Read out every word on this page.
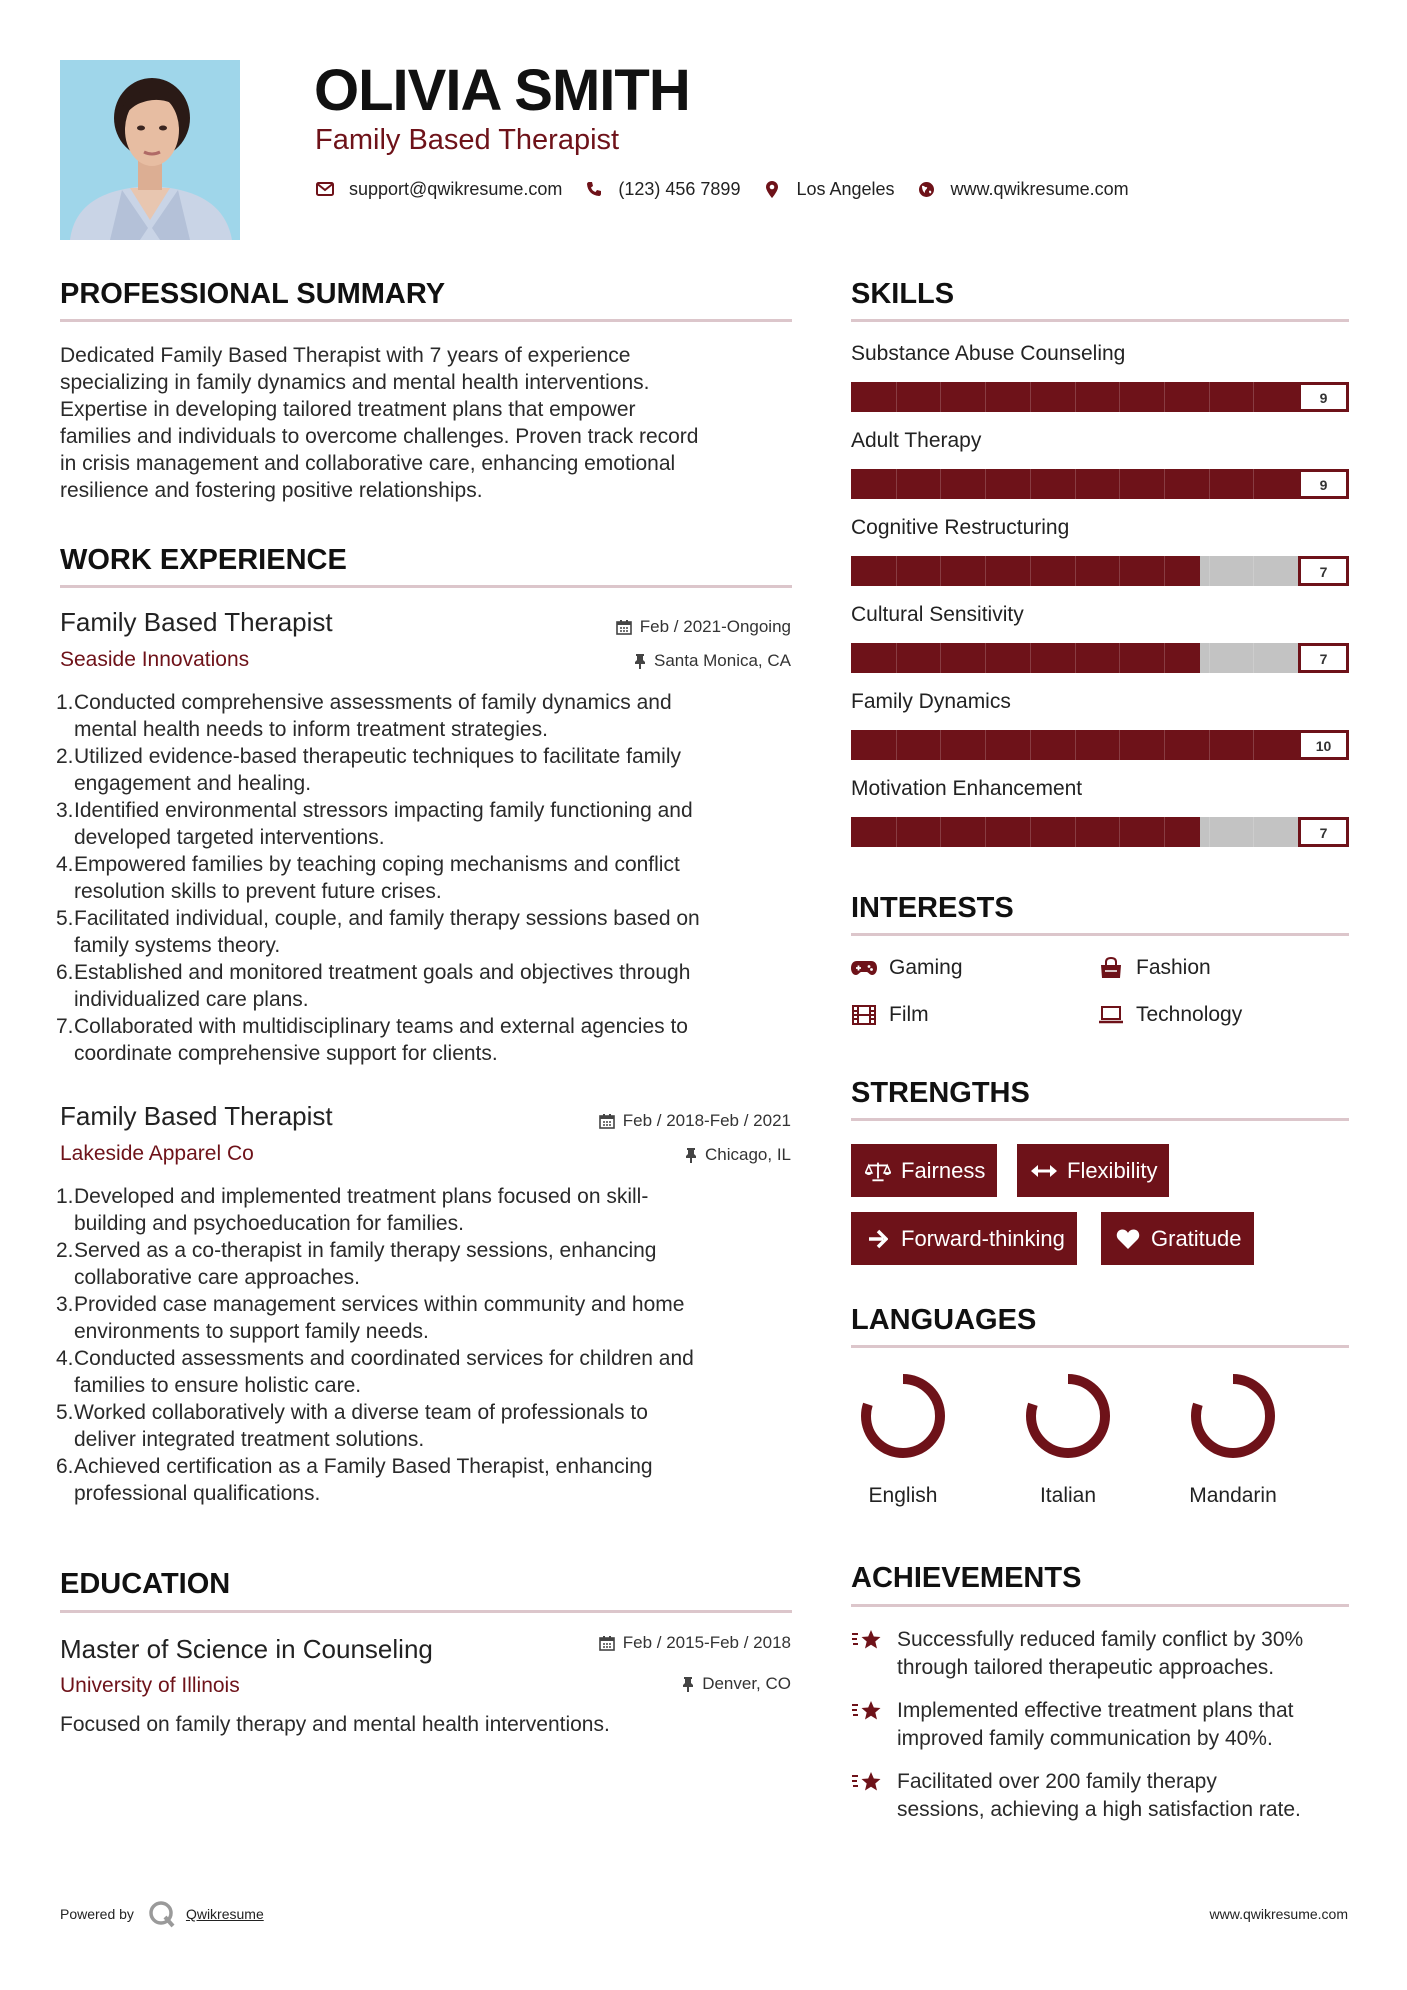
OLIVIA SMITH
Family Based Therapist
support@qwikresume.com	(123) 456 7899	Los Angeles	www.qwikresume.com
PROFESSIONAL SUMMARY
Dedicated Family Based Therapist with 7 years of experience
specializing in family dynamics and mental health interventions.
Expertise in developing tailored treatment plans that empower
families and individuals to overcome challenges. Proven track record
in crisis management and collaborative care, enhancing emotional
resilience and fostering positive relationships.
WORK EXPERIENCE
Family Based Therapist
Seaside Innovations
Feb / 2021-Ongoing
Santa Monica, CA
1. Conducted comprehensive assessments of family dynamics and
mental health needs to inform treatment strategies.
2. Utilized evidence-based therapeutic techniques to facilitate family
engagement and healing.
3. Identified environmental stressors impacting family functioning and
developed targeted interventions.
4. Empowered families by teaching coping mechanisms and conflict
resolution skills to prevent future crises.
5. Facilitated individual, couple, and family therapy sessions based on
family systems theory.
6. Established and monitored treatment goals and objectives through
individualized care plans.
7. Collaborated with multidisciplinary teams and external agencies to
coordinate comprehensive support for clients.
Family Based Therapist
Lakeside Apparel Co
Feb / 2018-Feb / 2021
Chicago, IL
1. Developed and implemented treatment plans focused on skill-
building and psychoeducation for families.
2. Served as a co-therapist in family therapy sessions, enhancing
collaborative care approaches.
3. Provided case management services within community and home
environments to support family needs.
4. Conducted assessments and coordinated services for children and
families to ensure holistic care.
5. Worked collaboratively with a diverse team of professionals to
deliver integrated treatment solutions.
6. Achieved certification as a Family Based Therapist, enhancing
professional qualifications.
EDUCATION
Master of Science in Counseling
University of Illinois
Feb / 2015-Feb / 2018
Denver, CO
Focused on family therapy and mental health interventions.
SKILLS
Substance Abuse Counseling
9
Adult Therapy
9
Cognitive Restructuring
7
Cultural Sensitivity
7
Family Dynamics
10
Motivation Enhancement
7
INTERESTS
Gaming	Fashion
Film	Technology
STRENGTHS
Fairness	Flexibility
Forward-thinking	Gratitude
LANGUAGES
English	Italian	Mandarin
ACHIEVEMENTS
Successfully reduced family conflict by 30%
through tailored therapeutic approaches.
Implemented effective treatment plans that
improved family communication by 40%.
Facilitated over 200 family therapy
sessions, achieving a high satisfaction rate.
Powered by	Qwikresume	www.qwikresume.com
